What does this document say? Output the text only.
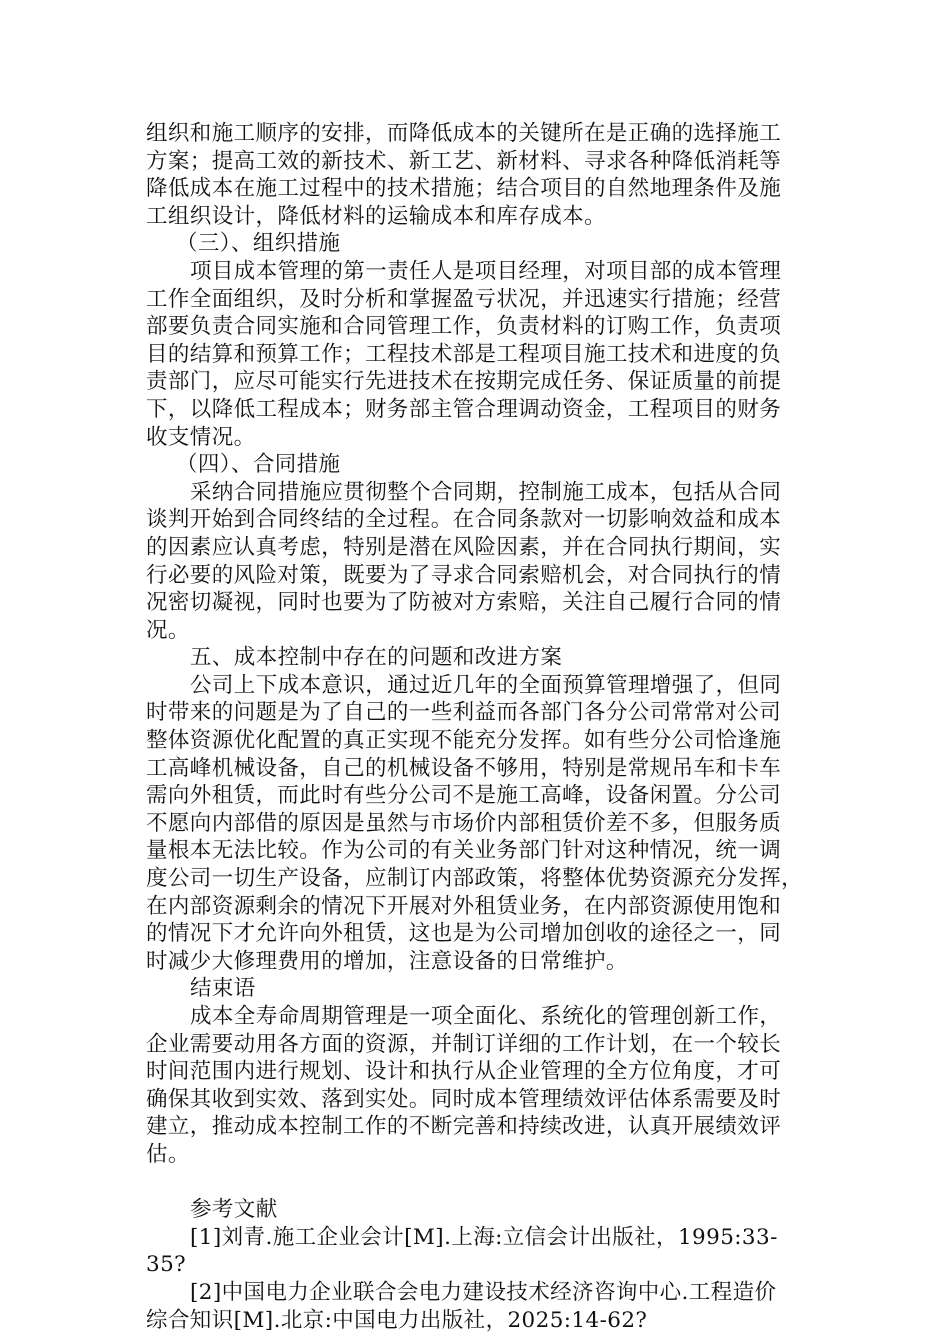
组织和施工顺序的安排，而降低成本的关键所在是正确的选择施工
方案；提高工效的新技术、新工艺、新材料、寻求各种降低消耗等
降低成本在施工过程中的技术措施；结合项目的自然地理条件及施
工组织设计，降低材料的运输成本和库存成本。
（三）、组织措施
项目成本管理的第一责任人是项目经理，对项目部的成本管理
工作全面组织，及时分析和掌握盈亏状况，并迅速实行措施；经营
部要负责合同实施和合同管理工作，负责材料的订购工作，负责项
目的结算和预算工作；工程技术部是工程项目施工技术和进度的负
责部门，应尽可能实行先进技术在按期完成任务、保证质量的前提
下，以降低工程成本；财务部主管合理调动资金，工程项目的财务
收支情况。
（四）、合同措施
采纳合同措施应贯彻整个合同期，控制施工成本，包括从合同
谈判开始到合同终结的全过程。在合同条款对一切影响效益和成本
的因素应认真考虑，特别是潜在风险因素，并在合同执行期间，实
行必要的风险对策，既要为了寻求合同索赔机会，对合同执行的情
况密切凝视，同时也要为了防被对方索赔，关注自己履行合同的情
况。
五、成本控制中存在的问题和改进方案
公司上下成本意识，通过近几年的全面预算管理增强了，但同
时带来的问题是为了自己的一些利益而各部门各分公司常常对公司
整体资源优化配置的真正实现不能充分发挥。如有些分公司恰逢施
工高峰机械设备，自己的机械设备不够用，特别是常规吊车和卡车
需向外租赁，而此时有些分公司不是施工高峰，设备闲置。分公司
不愿向内部借的原因是虽然与市场价内部租赁价差不多，但服务质
量根本无法比较。作为公司的有关业务部门针对这种情况，统一调
度公司一切生产设备，应制订内部政策，将整体优势资源充分发挥，
在内部资源剩余的情况下开展对外租赁业务，在内部资源使用饱和
的情况下才允许向外租赁，这也是为公司增加创收的途径之一，同
时减少大修理费用的增加，注意设备的日常维护。
结束语
成本全寿命周期管理是一项全面化、系统化的管理创新工作，
企业需要动用各方面的资源，并制订详细的工作计划，在一个较长
时间范围内进行规划、设计和执行从企业管理的全方位角度，才可
确保其收到实效、落到实处。同时成本管理绩效评估体系需要及时
建立，推动成本控制工作的不断完善和持续改进，认真开展绩效评
估。
参考文献
[1]刘青.施工企业会计[M].上海:立信会计出版社，1995:33-
35?
[2]中国电力企业联合会电力建设技术经济咨询中心.工程造价
综合知识[M].北京:中国电力出版社，2025:14-62?
